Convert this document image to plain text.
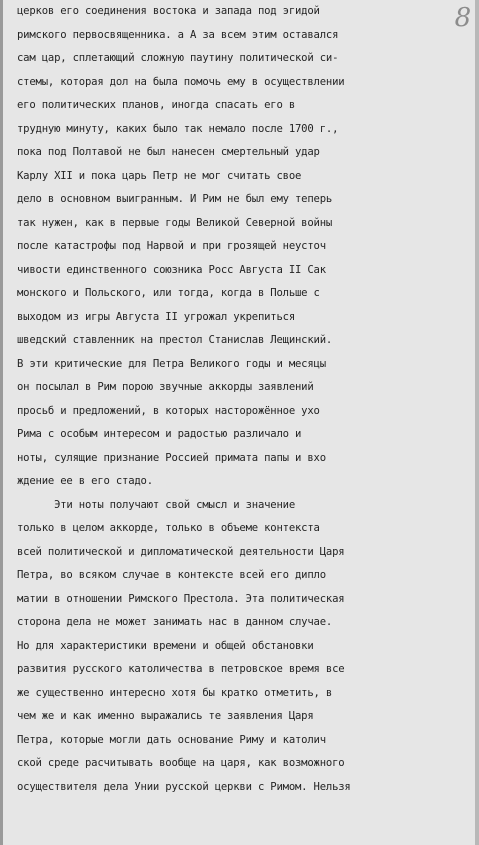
8
церков его соединения востока и запада под эгидой
римского первосвященника. а А за всем этим оставался
сам цар, сплетающий сложную паутину политической си-
стемы, которая дол на была помочь ему в осуществлении
его политических планов, иногда спасать его в
трудную минуту, каких было так немало после 1700 г.,
пока под Полтавой не был нанесен смертельный удар
Карлу XII и пока царь Петр не мог считать свое
дело в основном выигранным. И Рим не был ему теперь
так нужен, как в первые годы Великой Северной войны
после катастрофы под Нарвой и при грозящей неусточ
чивости единственного союзника Росс Августа II Сак
монского и Польского, или тогда, когда в Польше с
выходом из игры Августа II угрожал укрепиться
шведский ставленник на престол Станислав Лещинский.
В эти критические для Петра Великого годы и месяцы
он посылал в Рим порою звучные аккорды заявлений
просьб и предложений, в которых насторожённое ухо
Рима с особым интересом и радостью различало и
ноты, сулящие признание Россией примата папы и вхо
ждение ее в его стадо.
Эти ноты получают свой смысл и значение
только в целом аккорде, только в объеме контекста
всей политической и дипломатической деятельности Царя
Петра, во всяком случае в контексте всей его дипло
матии в отношении Римского Престола. Эта политическая
сторона дела не может занимать нас в данном случае.
Но для характеристики времени и общей обстановки
развития русского католичества в петровское время все
же существенно интересно хотя бы кратко отметить, в
чем же и как именно выражались те заявления Царя
Петра, которые могли дать основание Риму и католич
ской среде расчитывать вообще на царя, как возможного
осуществителя дела Унии русской церкви с Римом. Нельзя
